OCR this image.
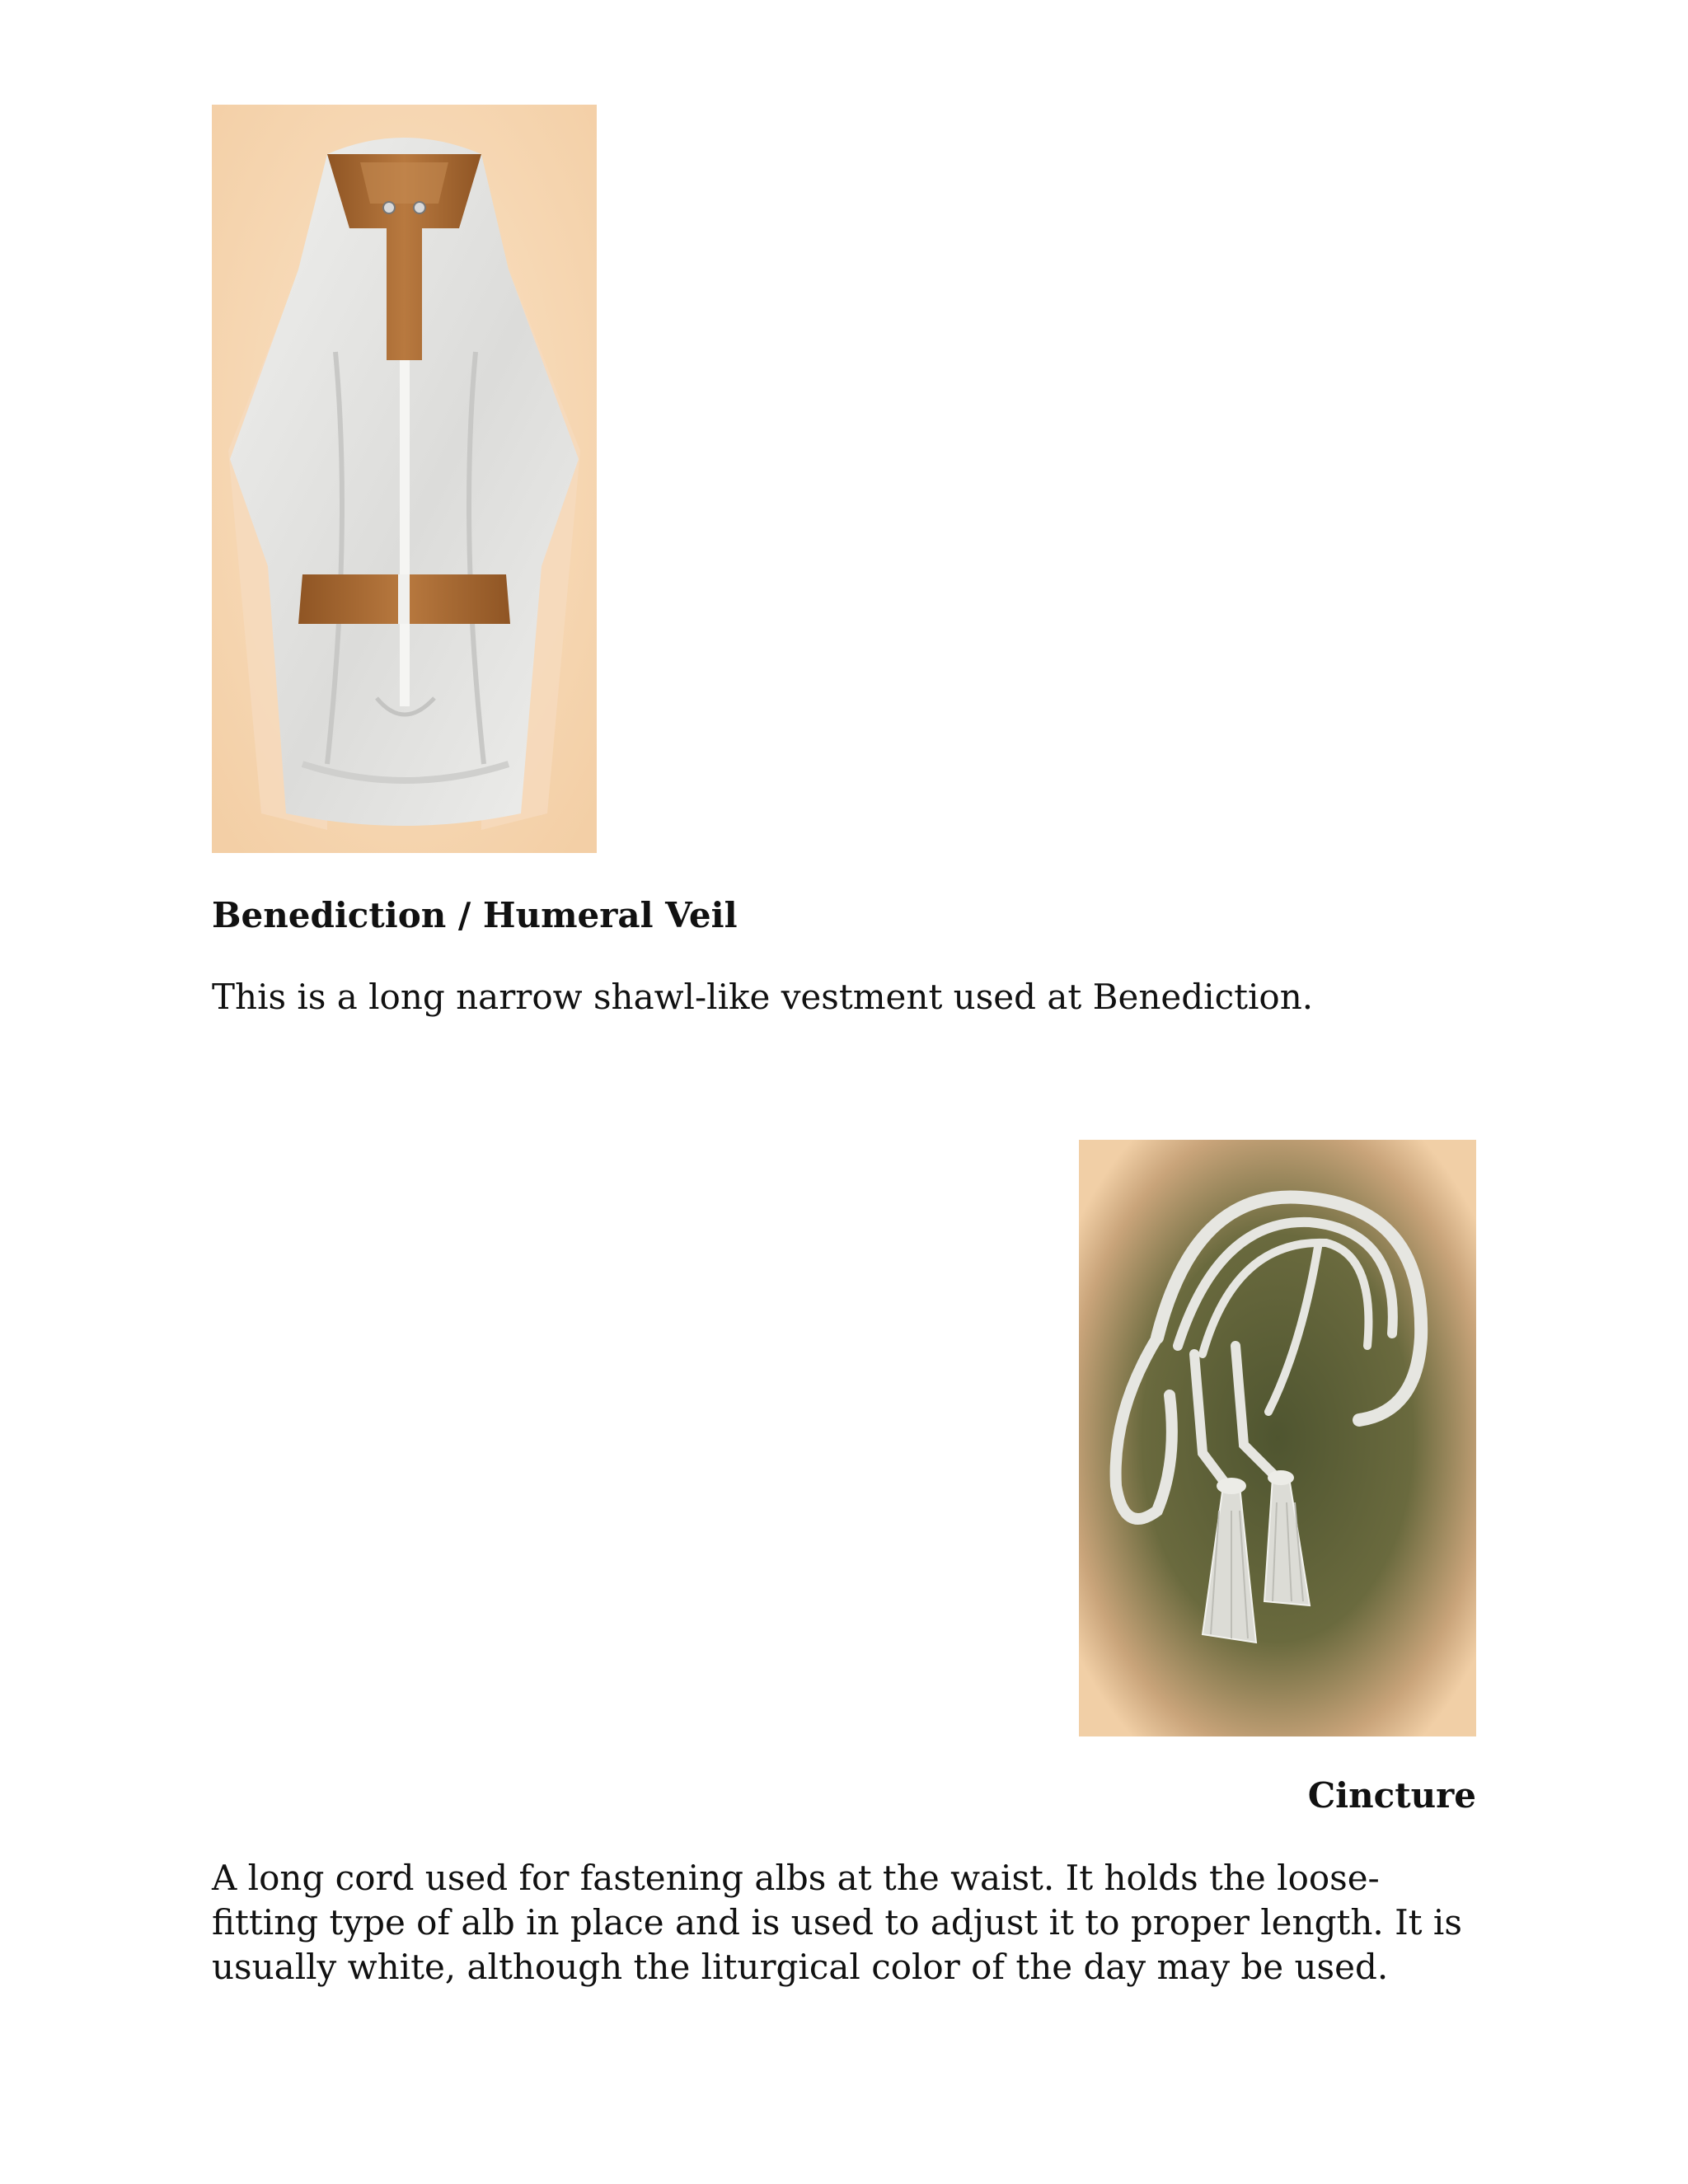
Benediction / Humeral Veil

This is a long narrow shawl-like vestment used at Benediction.

Cincture

A long cord used for fastening albs at the waist. It holds the loose-fitting type of alb in place and is used to adjust it to proper length. It is usually white, although the liturgical color of the day may be used.
